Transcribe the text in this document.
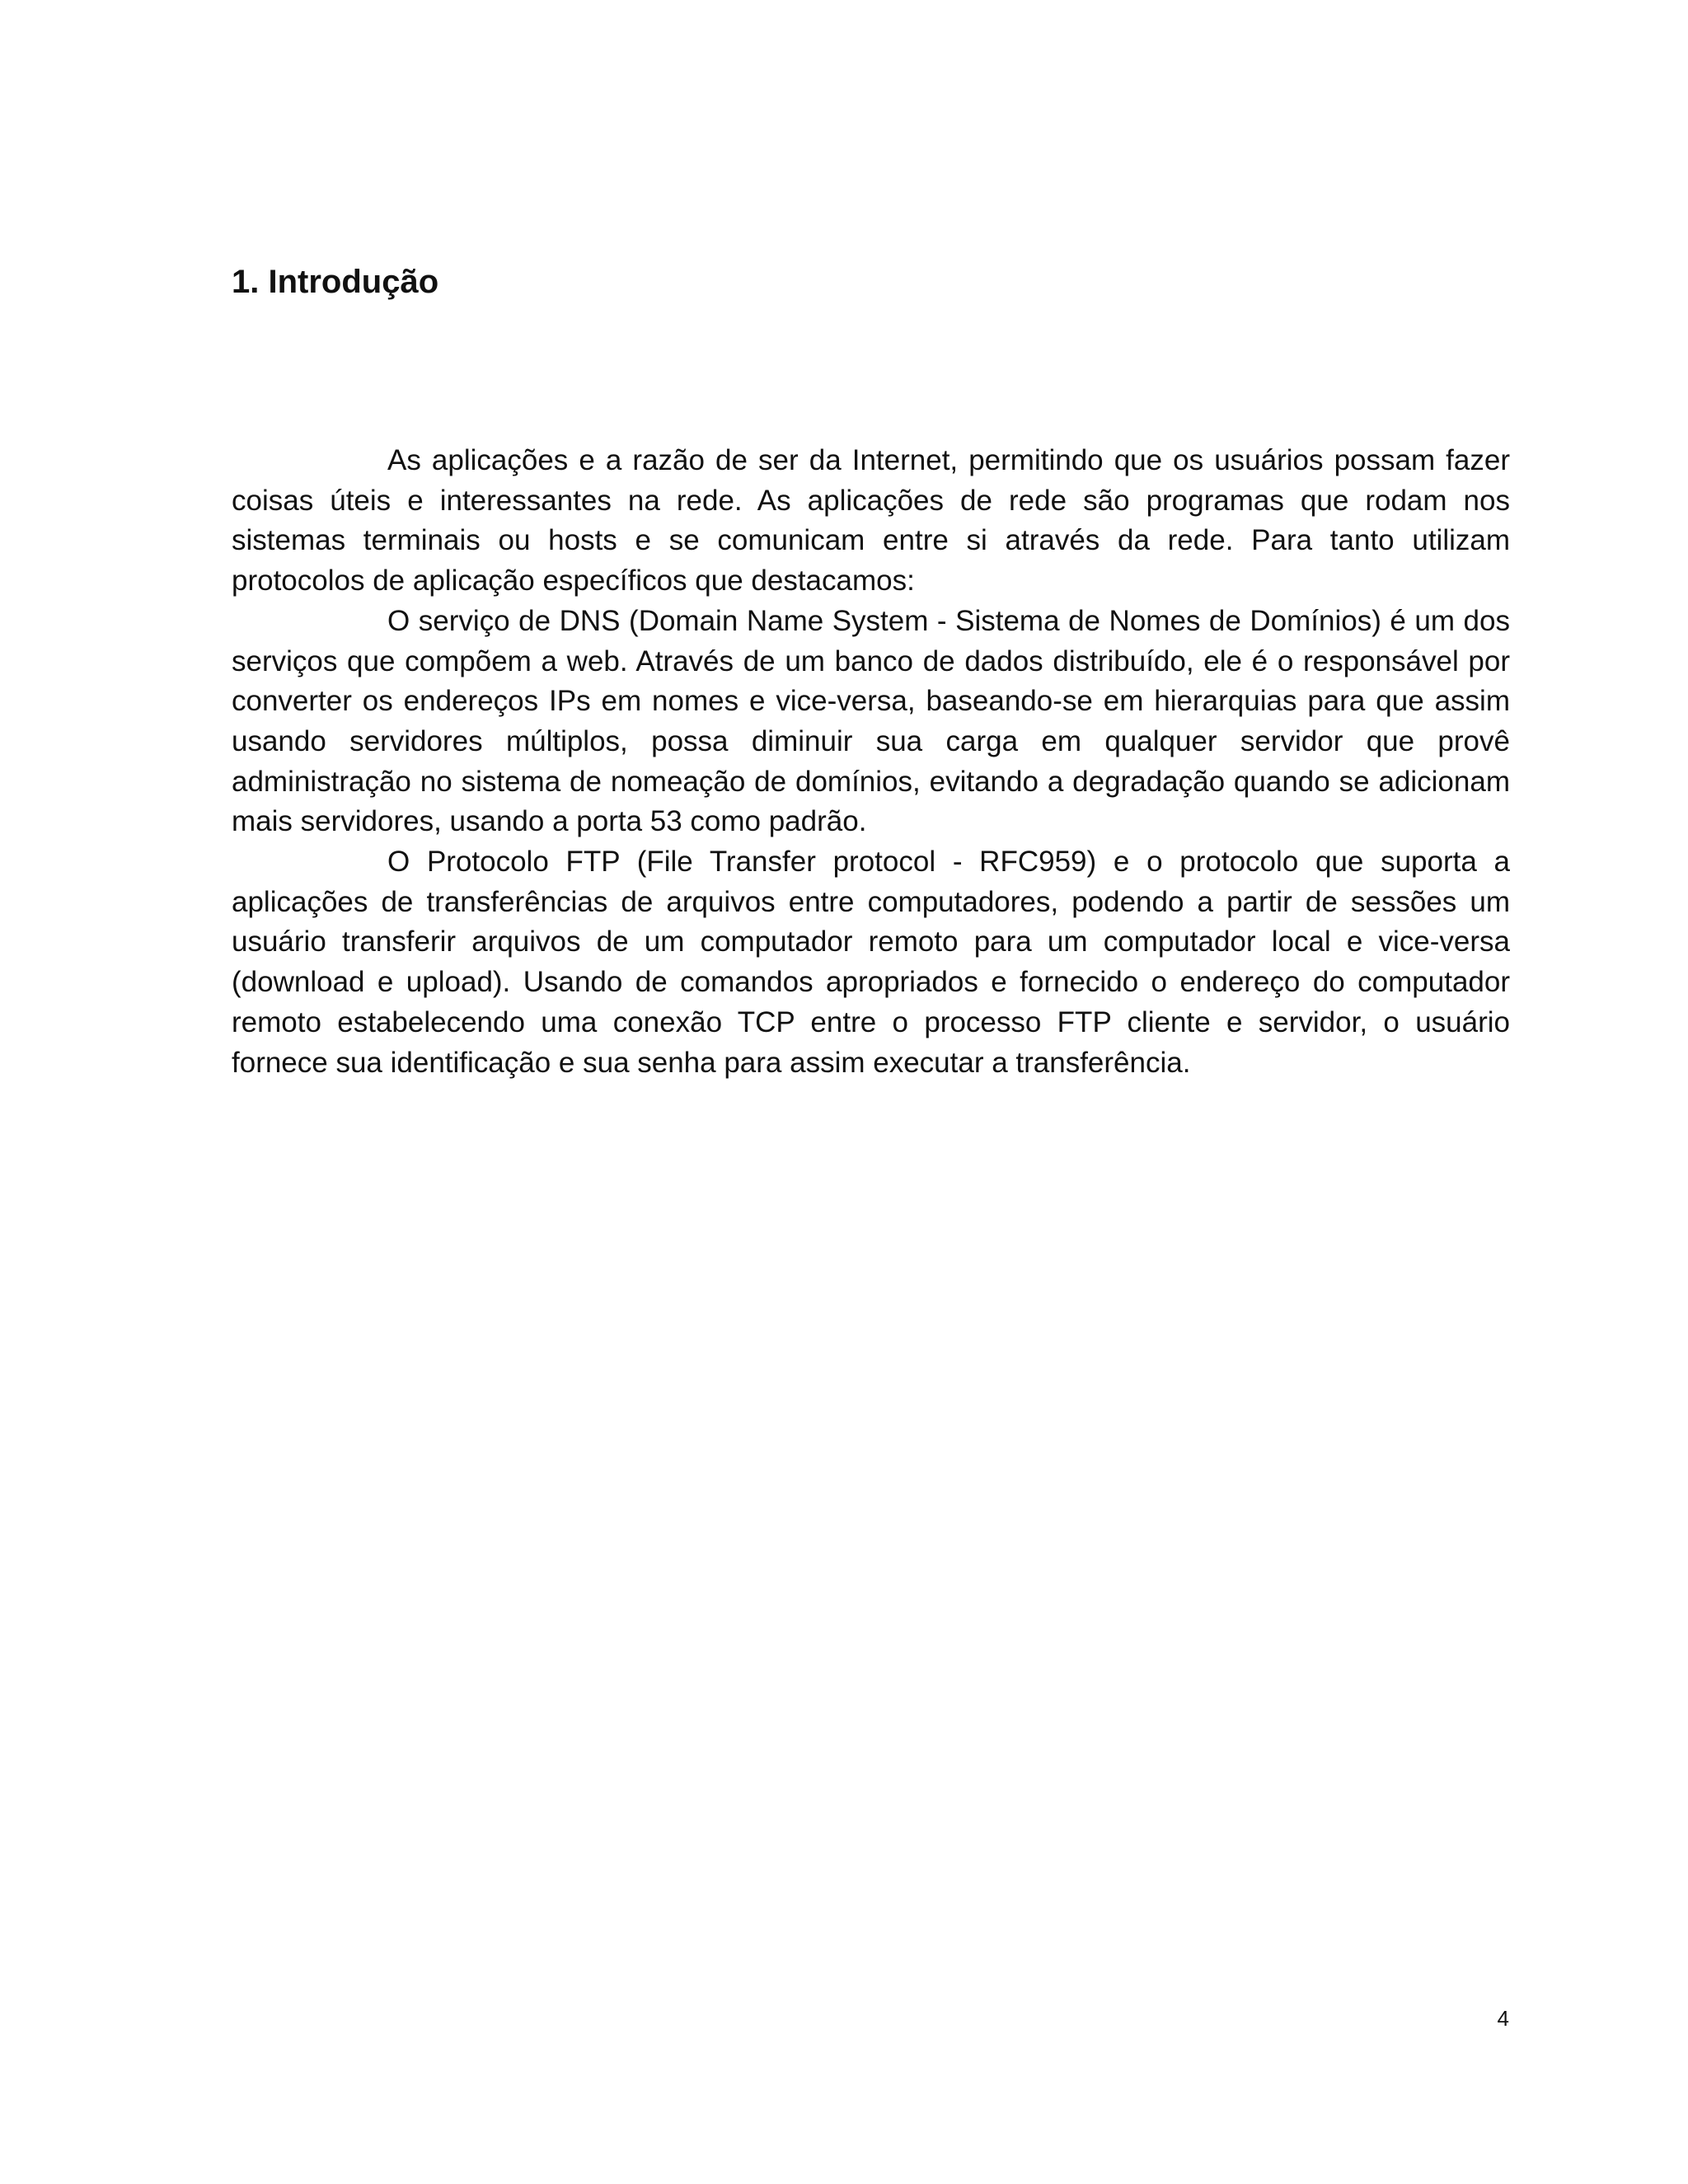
1. Introdução

As aplicações e a razão de ser da Internet, permitindo que os usuários possam fazer coisas úteis e interessantes na rede. As aplicações de rede são programas que rodam nos sistemas terminais ou hosts e se comunicam entre si através da rede. Para tanto utilizam protocolos de aplicação específicos que destacamos:

O serviço de DNS (Domain Name System - Sistema de Nomes de Domínios) é um dos serviços que compõem a web. Através de um banco de dados distribuído, ele é o responsável por converter os endereços IPs em nomes e vice-versa, baseando-se em hierarquias para que assim usando servidores múltiplos, possa diminuir sua carga em qualquer servidor que provê administração no sistema de nomeação de domínios, evitando a degradação quando se adicionam mais servidores, usando a porta 53 como padrão.

O Protocolo FTP (File Transfer protocol - RFC959) e o protocolo que suporta a aplicações de transferências de arquivos entre computadores, podendo a partir de sessões um usuário transferir arquivos de um computador remoto para um computador local e vice-versa (download e upload). Usando de comandos apropriados e fornecido o endereço do computador remoto estabelecendo uma conexão TCP entre o processo FTP cliente e servidor, o usuário fornece sua identificação e sua senha para assim executar a transferência.

4
